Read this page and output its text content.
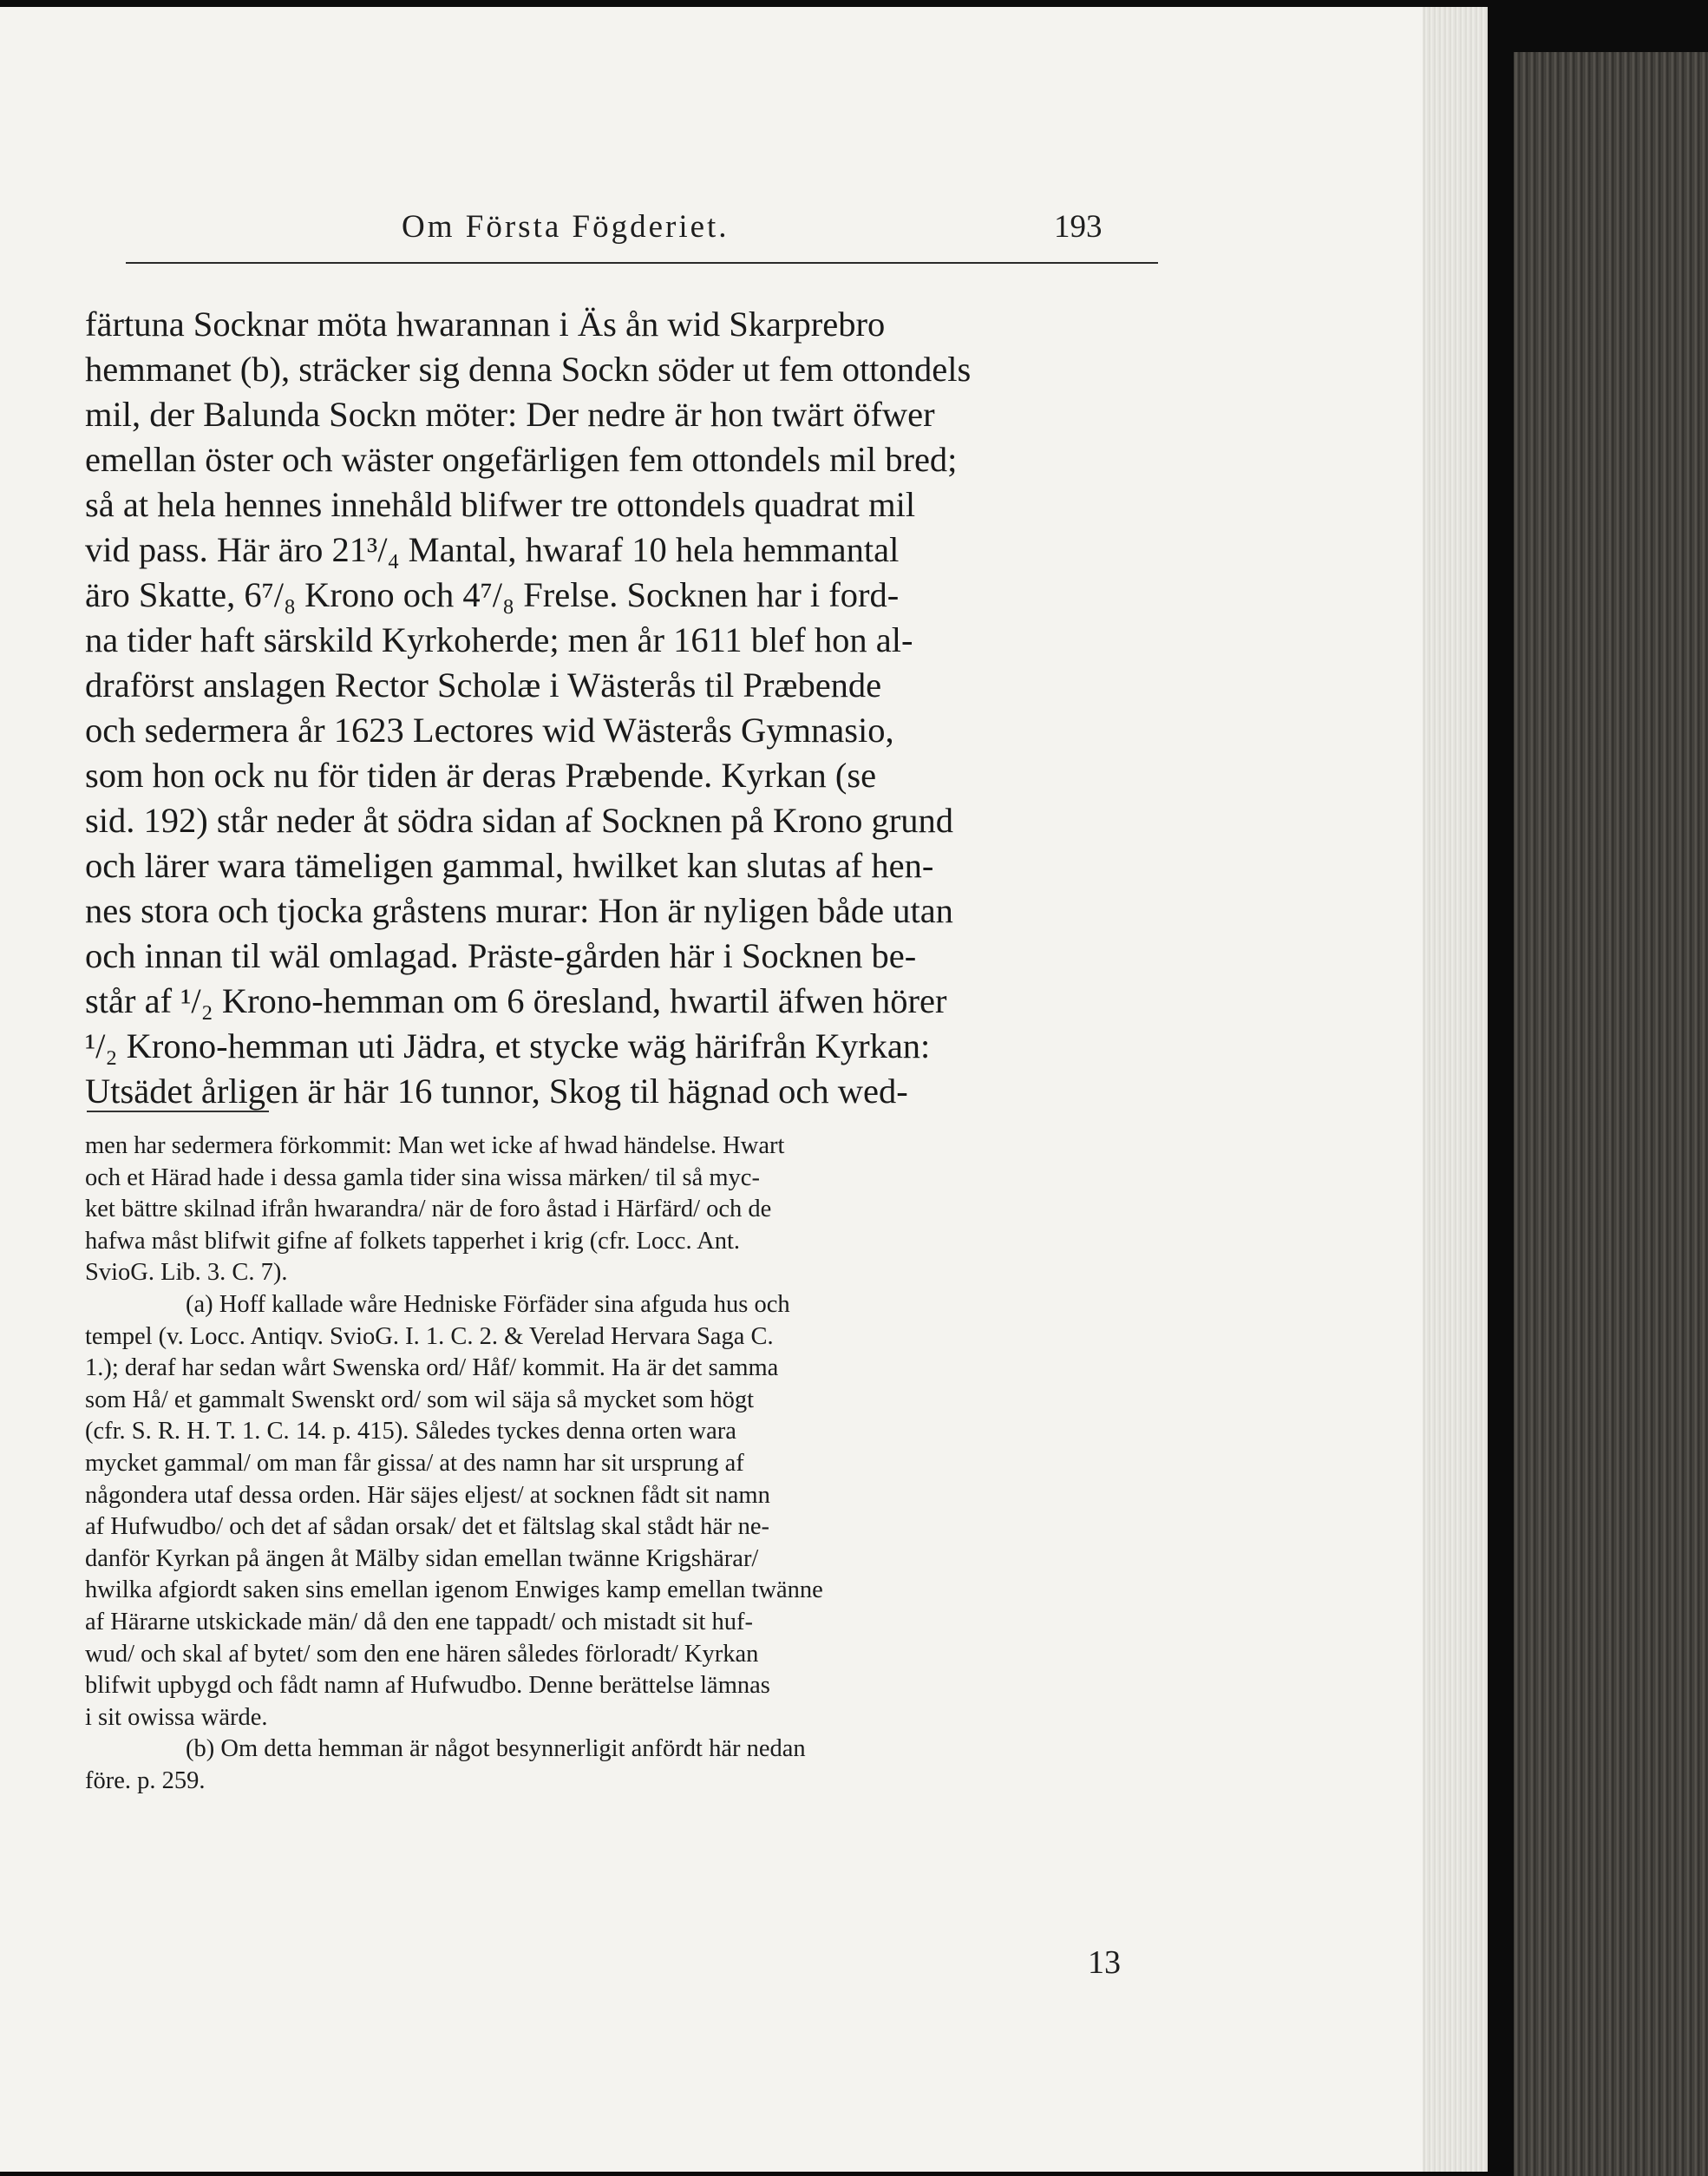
Om Första Fögderiet.	193
färtuna Socknar möta hwarannan i Äs ån wid Skarprebro
hemmanet (b), sträcker sig denna Sockn söder ut fem ottondels
mil, der Balunda Sockn möter: Der nedre är hon twärt öfwer
emellan öster och wäster ongefärligen fem ottondels mil bred;
så at hela hennes innehåld blifwer tre ottondels quadrat mil
vid pass. Här äro 21³/₄ Mantal, hwaraf 10 hela hemmantal
äro Skatte, 6⁷/₈ Krono och 4⁷/₈ Frelse. Socknen har i ford-
na tider haft särskild Kyrkoherde; men år 1611 blef hon al-
draförst anslagen Rector Scholæ i Wästerås til Præbende
och sedermera år 1623 Lectores wid Wästerås Gymnasio,
som hon ock nu för tiden är deras Præbende. Kyrkan (se
sid. 192) står neder åt södra sidan af Socknen på Krono grund
och lärer wara tämeligen gammal, hwilket kan slutas af hen-
nes stora och tjocka gråstens murar: Hon är nyligen både utan
och innan til wäl omlagad. Präste-gården här i Socknen be-
står af ¹/₂ Krono-hemman om 6 öresland, hwartil äfwen hörer
¹/₂ Krono-hemman uti Jädra, et stycke wäg härifrån Kyrkan:
Utsädet årligen är här 16 tunnor, Skog til hägnad och wed-
men har sedermera förkommit: Man wet icke af hwad händelse. Hwart
och et Härad hade i dessa gamla tider sina wissa märken/ til så myc-
ket bättre skilnad ifrån hwarandra/ när de foro åstad i Härfärd/ och de
hafwa måst blifwit gifne af folkets tapperhet i krig (cfr. Locc. Ant.
SvioG. Lib. 3. C. 7).
(a) Hoff kallade wåre Hedniske Förfäder sina afguda hus och
tempel (v. Locc. Antiqv. SvioG. I. 1. C. 2. & Verelad Hervara Saga C.
1.); deraf har sedan wårt Swenska ord/ Håf/ kommit. Ha är det samma
som Hå/ et gammalt Swenskt ord/ som wil säja så mycket som högt
(cfr. S. R. H. T. 1. C. 14. p. 415). Således tyckes denna orten wara
mycket gammal/ om man får gissa/ at des namn har sit ursprung af
någondera utaf dessa orden. Här säjes eljest/ at socknen fådt sit namn
af Hufwudbo/ och det af sådan orsak/ det et fältslag skal stådt här ne-
danför Kyrkan på ängen åt Mälby sidan emellan twänne Krigshärar/
hwilka afgiordt saken sins emellan igenom Enwiges kamp emellan twänne
af Härarne utskickade män/ då den ene tappadt/ och mistadt sit huf-
wud/ och skal af bytet/ som den ene hären således förloradt/ Kyrkan
blifwit upbygd och fådt namn af Hufwudbo. Denne berättelse lämnas
i sit owissa wärde.
(b) Om detta hemman är något besynnerligit anfördt här nedan
före. p. 259.
13
